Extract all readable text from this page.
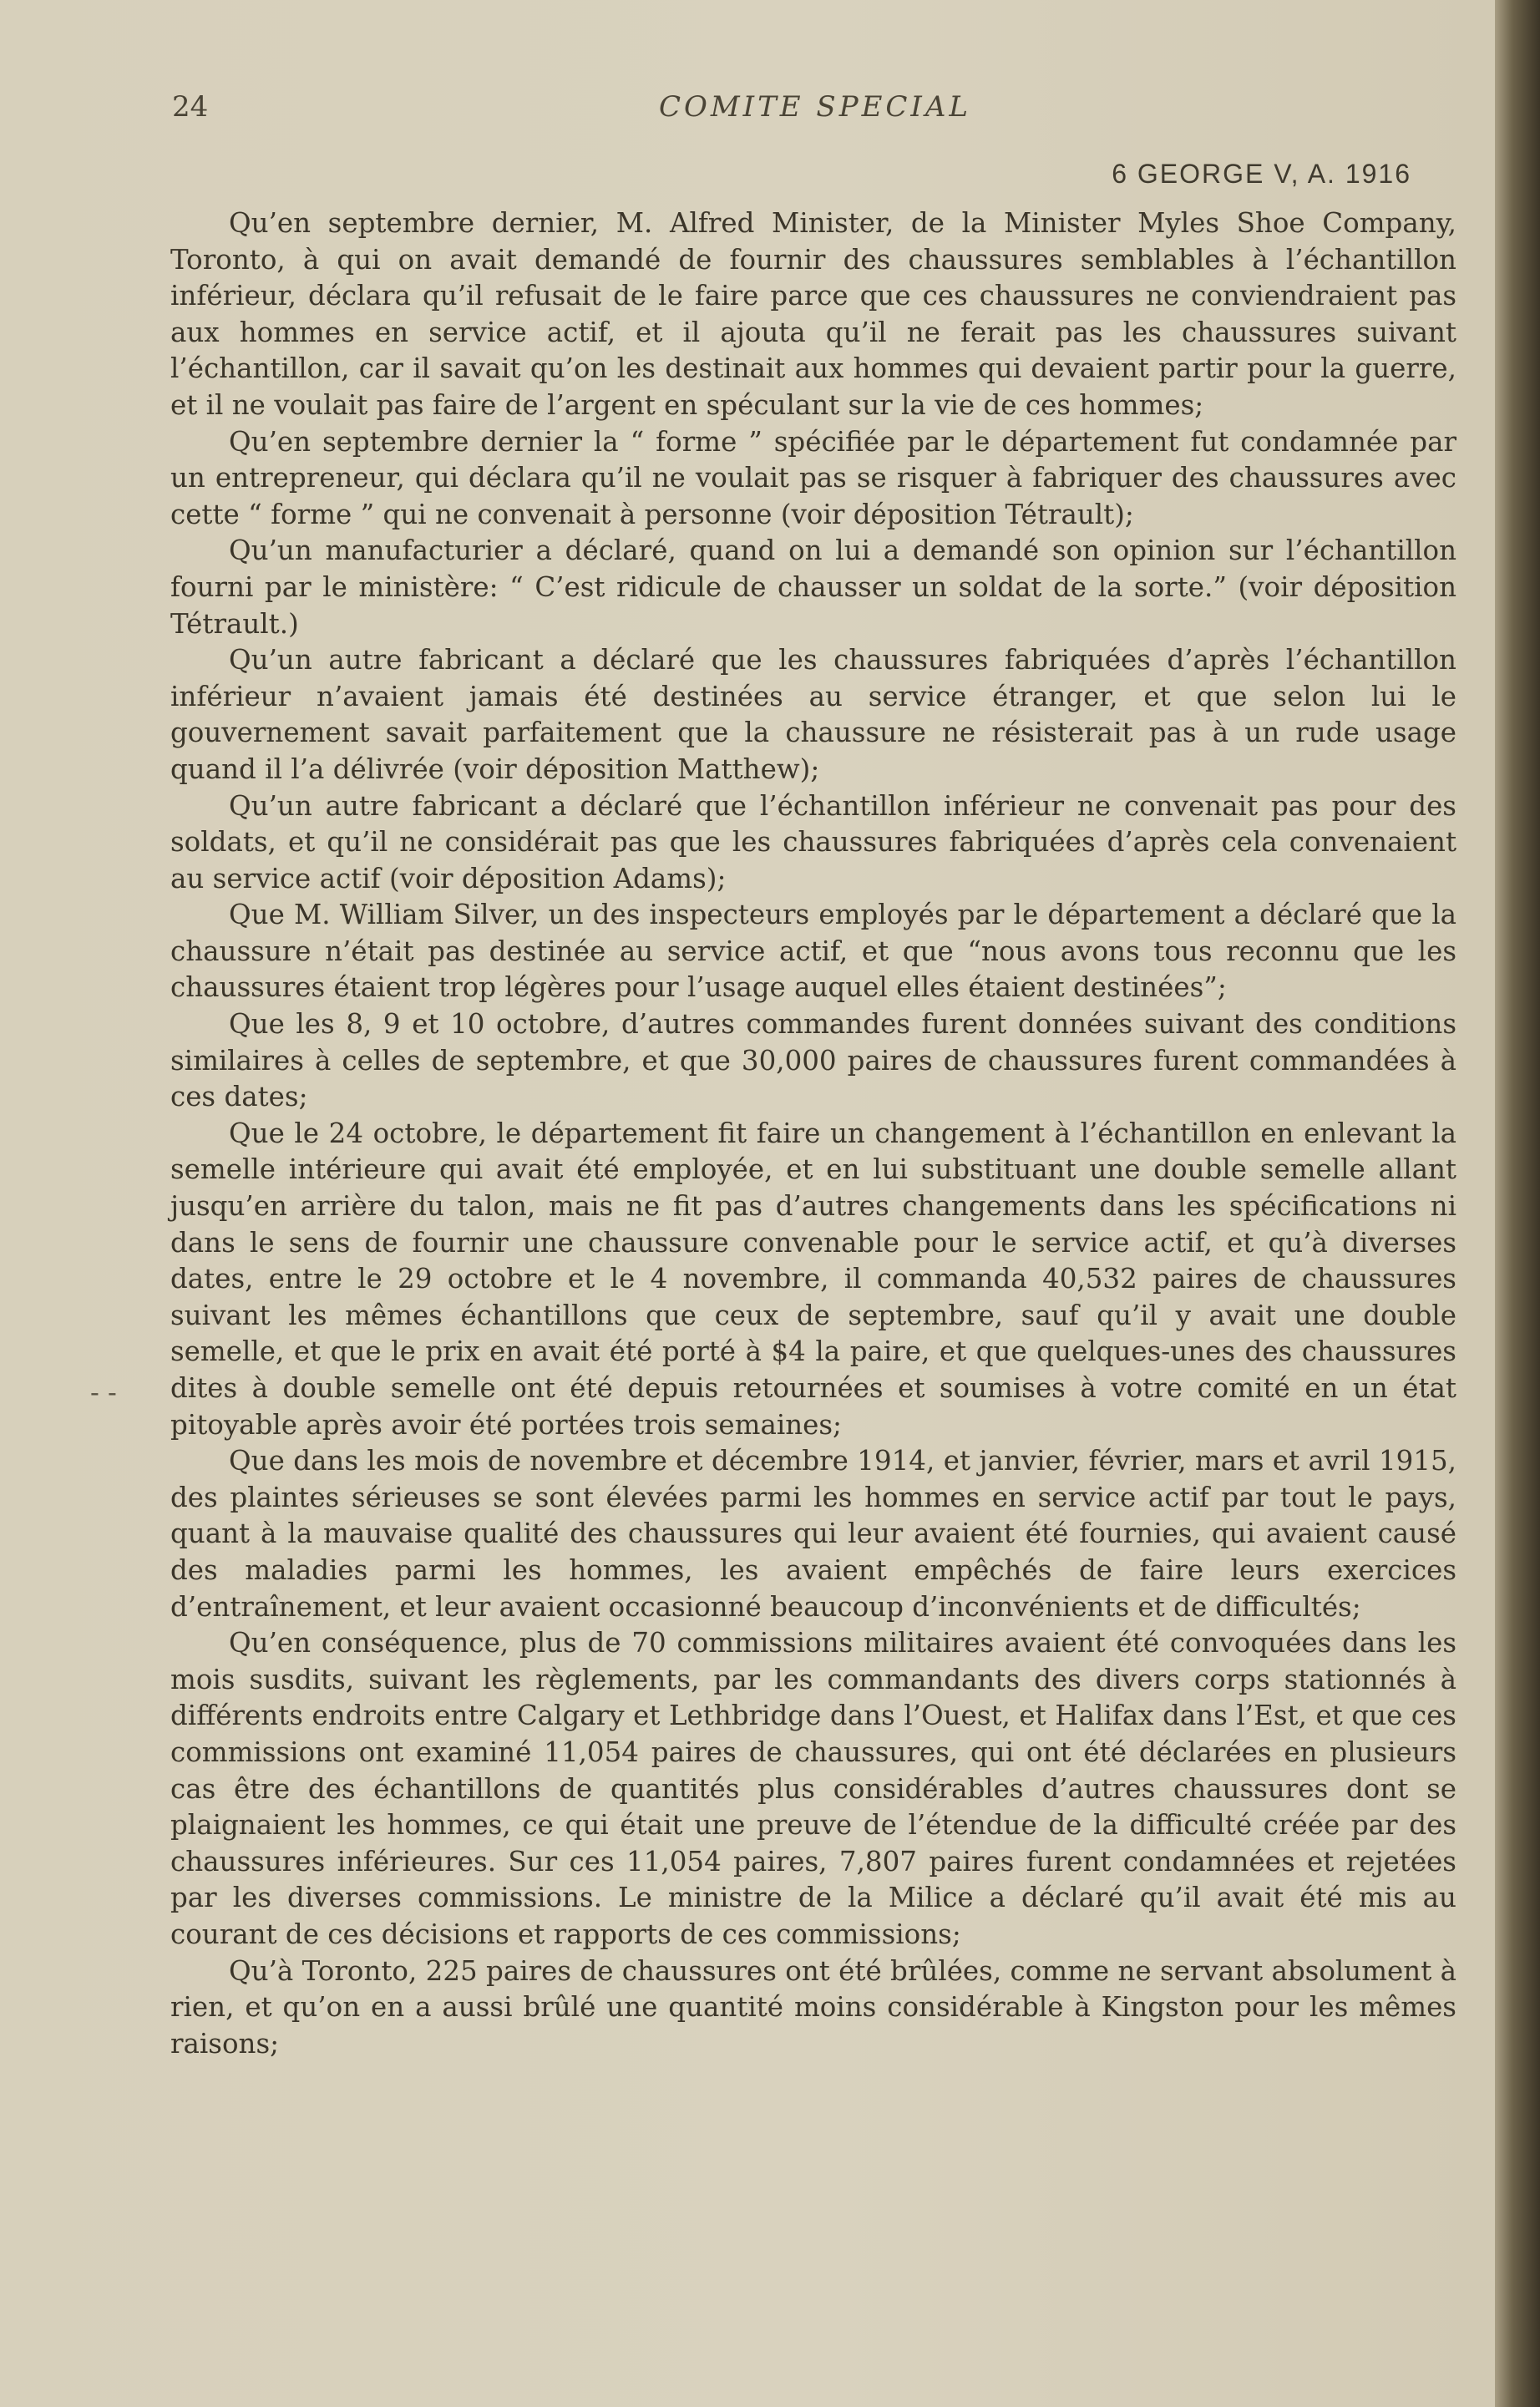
24	COMITE SPECIAL
6 GEORGE V, A. 1916
- -

Qu’en septembre dernier, M. Alfred Minister, de la Minister Myles Shoe Company, Toronto, à qui on avait demandé de fournir des chaussures semblables à l’échantillon inférieur, déclara qu’il refusait de le faire parce que ces chaussures ne conviendraient pas aux hommes en service actif, et il ajouta qu’il ne ferait pas les chaussures suivant l’échantillon, car il savait qu’on les destinait aux hommes qui devaient partir pour la guerre, et il ne voulait pas faire de l’argent en spéculant sur la vie de ces hommes;

Qu’en septembre dernier la “ forme ” spécifiée par le département fut condamnée par un entrepreneur, qui déclara qu’il ne voulait pas se risquer à fabriquer des chaussures avec cette “ forme ” qui ne convenait à personne (voir déposition Tétrault);

Qu’un manufacturier a déclaré, quand on lui a demandé son opinion sur l’échantillon fourni par le ministère: “ C’est ridicule de chausser un soldat de la sorte.” (voir déposition Tétrault.)

Qu’un autre fabricant a déclaré que les chaussures fabriquées d’après l’échantillon inférieur n’avaient jamais été destinées au service étranger, et que selon lui le gouvernement savait parfaitement que la chaussure ne résisterait pas à un rude usage quand il l’a délivrée (voir déposition Matthew);

Qu’un autre fabricant a déclaré que l’échantillon inférieur ne convenait pas pour des soldats, et qu’il ne considérait pas que les chaussures fabriquées d’après cela convenaient au service actif (voir déposition Adams);

Que M. William Silver, un des inspecteurs employés par le département a déclaré que la chaussure n’était pas destinée au service actif, et que “nous avons tous reconnu que les chaussures étaient trop légères pour l’usage auquel elles étaient destinées”;

Que les 8, 9 et 10 octobre, d’autres commandes furent données suivant des conditions similaires à celles de septembre, et que 30,000 paires de chaussures furent commandées à ces dates;

Que le 24 octobre, le département fit faire un changement à l’échantillon en enlevant la semelle intérieure qui avait été employée, et en lui substituant une double semelle allant jusqu’en arrière du talon, mais ne fit pas d’autres changements dans les spécifications ni dans le sens de fournir une chaussure convenable pour le service actif, et qu’à diverses dates, entre le 29 octobre et le 4 novembre, il commanda 40,532 paires de chaussures suivant les mêmes échantillons que ceux de septembre, sauf qu’il y avait une double semelle, et que le prix en avait été porté à $4 la paire, et que quelques-unes des chaussures dites à double semelle ont été depuis retournées et soumises à votre comité en un état pitoyable après avoir été portées trois semaines;

Que dans les mois de novembre et décembre 1914, et janvier, février, mars et avril 1915, des plaintes sérieuses se sont élevées parmi les hommes en service actif par tout le pays, quant à la mauvaise qualité des chaussures qui leur avaient été fournies, qui avaient causé des maladies parmi les hommes, les avaient empêchés de faire leurs exercices d’entraînement, et leur avaient occasionné beaucoup d’inconvénients et de difficultés;

Qu’en conséquence, plus de 70 commissions militaires avaient été convoquées dans les mois susdits, suivant les règlements, par les commandants des divers corps stationnés à différents endroits entre Calgary et Lethbridge dans l’Ouest, et Halifax dans l’Est, et que ces commissions ont examiné 11,054 paires de chaussures, qui ont été déclarées en plusieurs cas être des échantillons de quantités plus considérables d’autres chaussures dont se plaignaient les hommes, ce qui était une preuve de l’étendue de la difficulté créée par des chaussures inférieures. Sur ces 11,054 paires, 7,807 paires furent condamnées et rejetées par les diverses commissions. Le ministre de la Milice a déclaré qu’il avait été mis au courant de ces décisions et rapports de ces commissions;

Qu’à Toronto, 225 paires de chaussures ont été brûlées, comme ne servant absolument à rien, et qu’on en a aussi brûlé une quantité moins considérable à Kingston pour les mêmes raisons;
